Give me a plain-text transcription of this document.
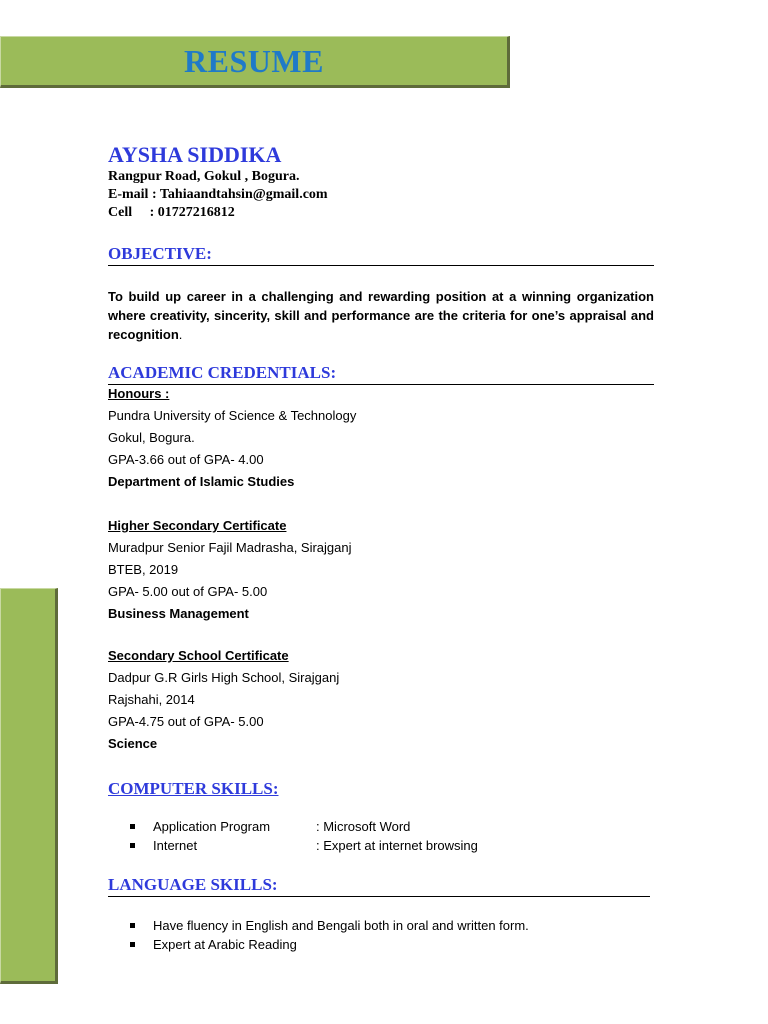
RESUME
AYSHA SIDDIKA
Rangpur Road, Gokul , Bogura.
E-mail : Tahiaandtahsin@gmail.com
Cell     : 01727216812
OBJECTIVE:
To build up career in a challenging and rewarding position at a winning organization where creativity, sincerity, skill and performance are the criteria for one’s appraisal and recognition.
ACADEMIC CREDENTIALS:
Honours :
Pundra University of Science & Technology
Gokul, Bogura.
GPA-3.66 out of GPA- 4.00
Department of Islamic Studies
Higher Secondary Certificate
Muradpur Senior Fajil Madrasha, Sirajganj
BTEB, 2019
GPA- 5.00 out of GPA- 5.00
Business Management
Secondary School Certificate
Dadpur G.R Girls High School, Sirajganj
Rajshahi, 2014
GPA-4.75 out of GPA- 5.00
Science
COMPUTER SKILLS:
Application Program	: Microsoft Word
Internet	: Expert at internet browsing
LANGUAGE SKILLS:
Have fluency in English and Bengali both in oral and written form.
Expert at Arabic Reading
